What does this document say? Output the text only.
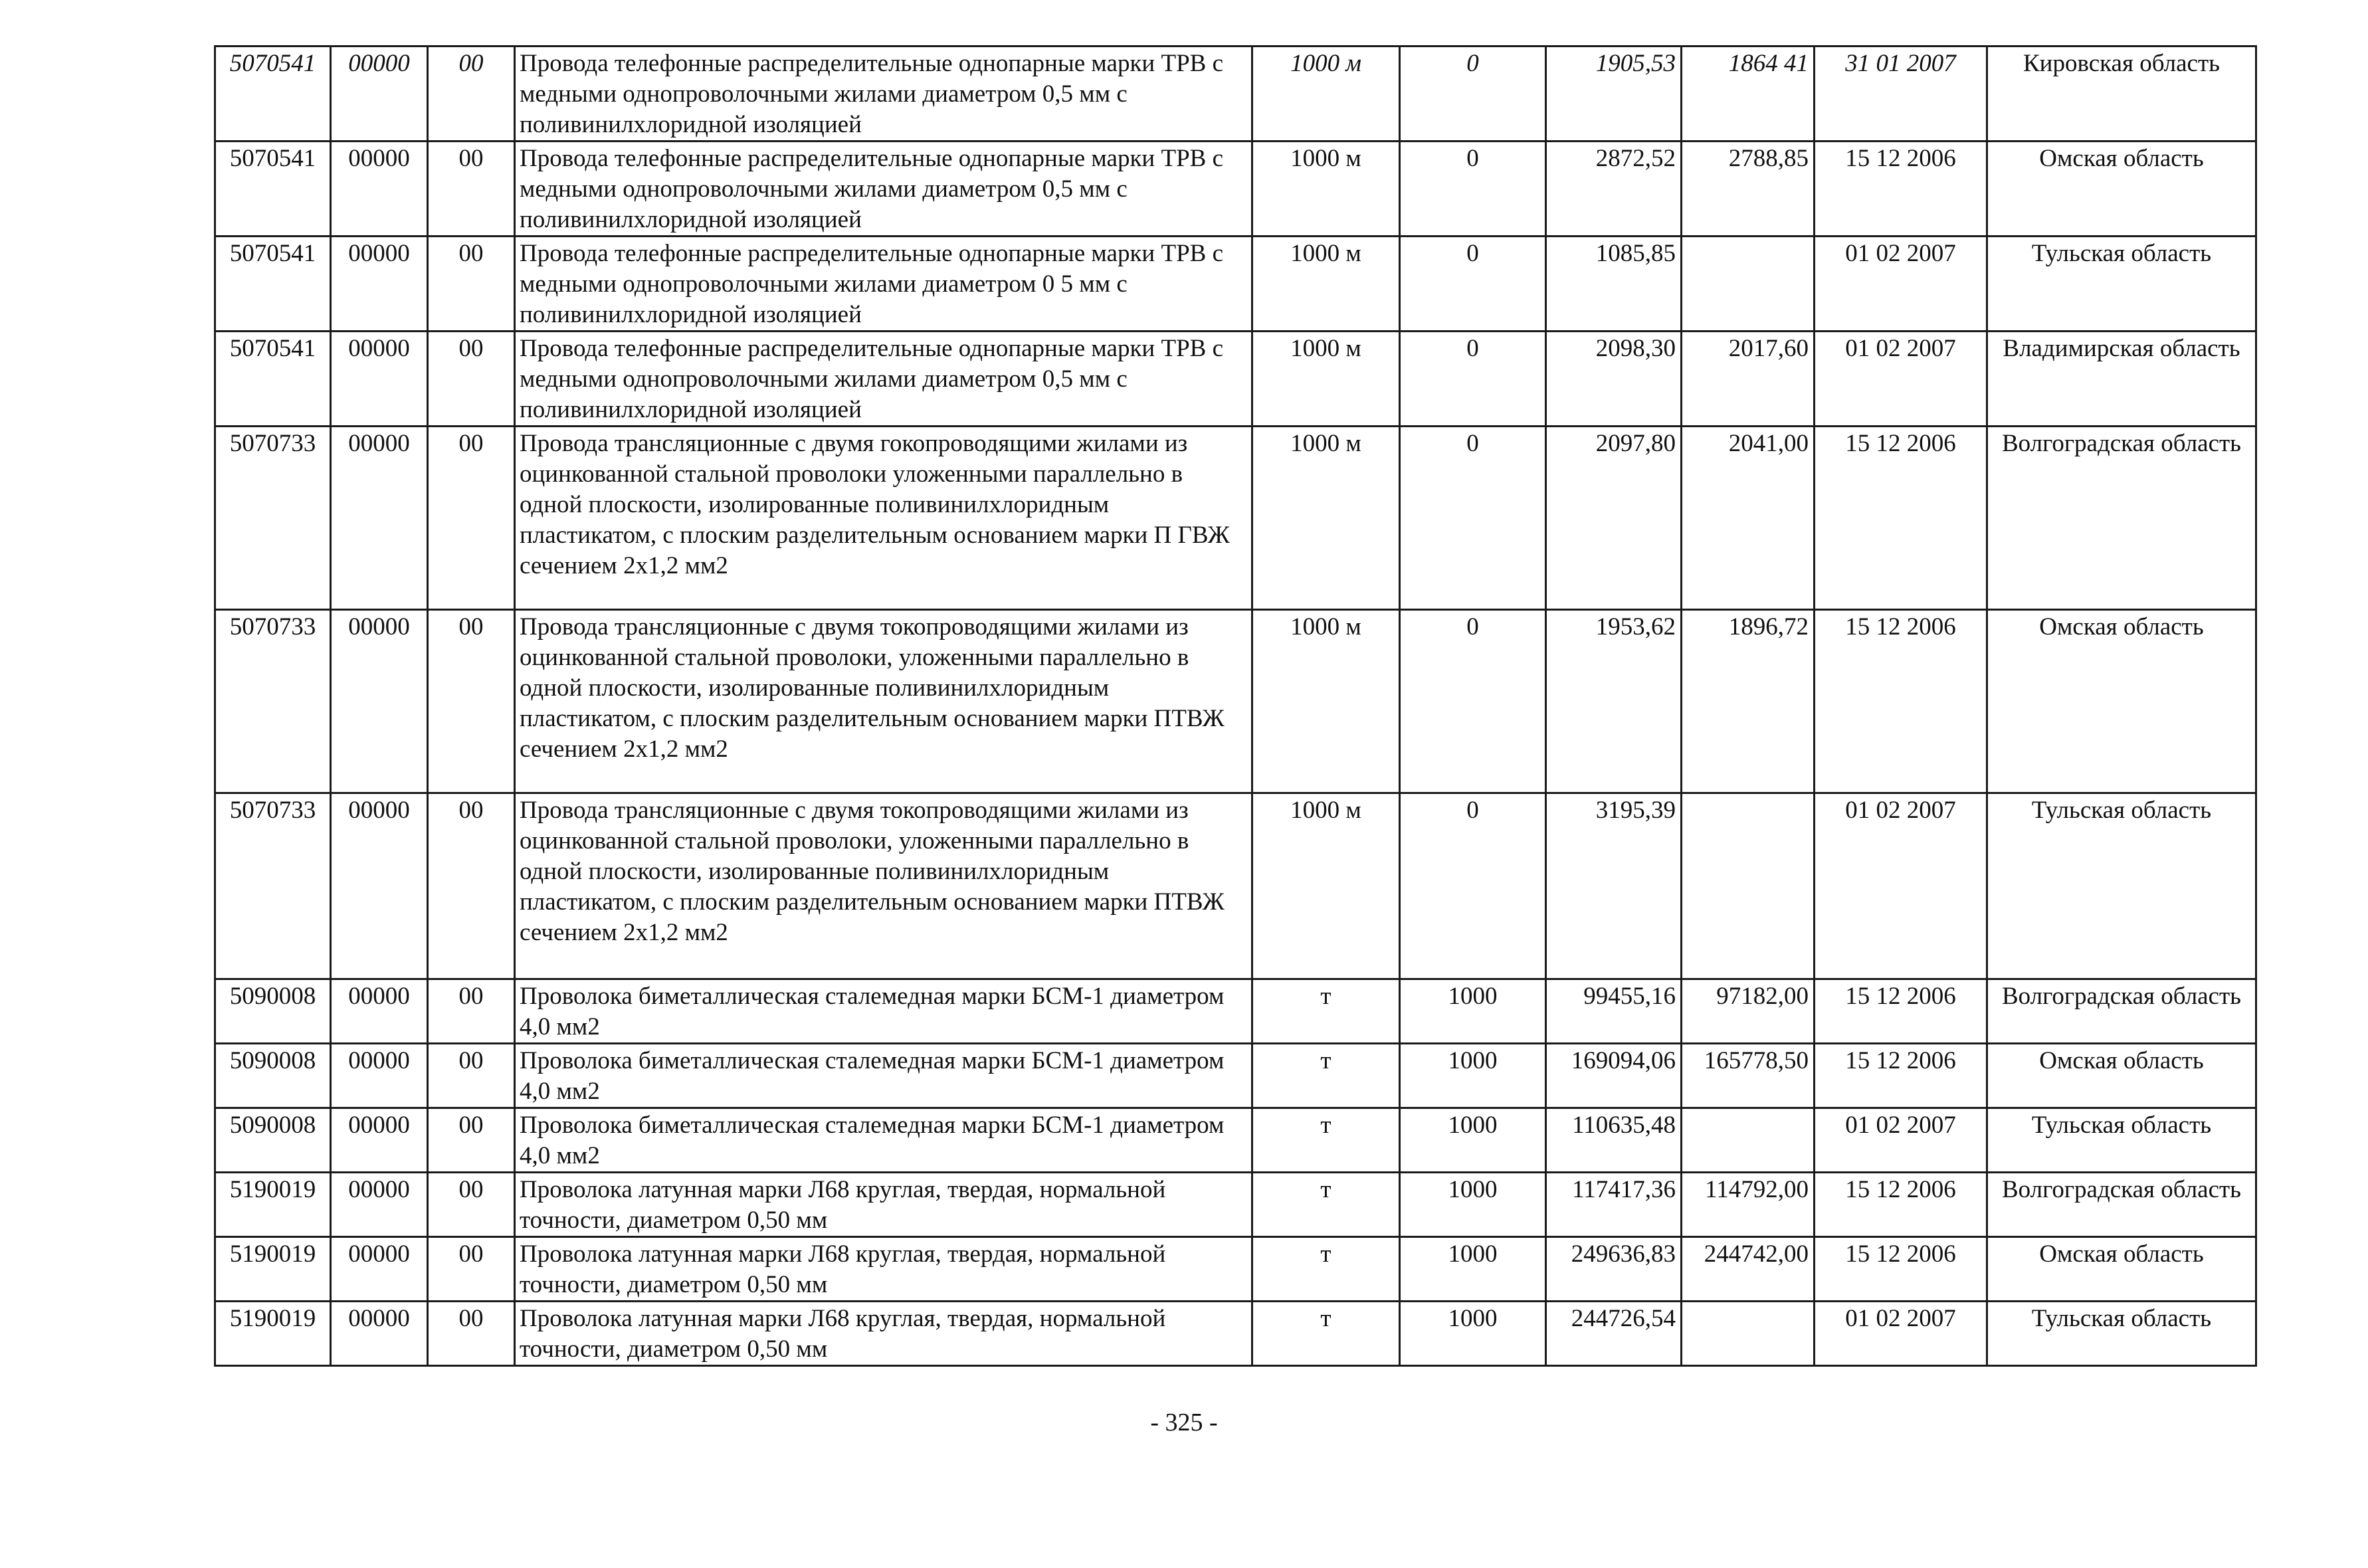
5070541	00000	00	Провода телефонные распределительные однопарные марки ТРВ с медными однопроволочными жилами диаметром 0,5 мм с поливинилхлоридной изоляцией	1000 м	0	1905,53	1864 41	31 01 2007	Кировская область
5070541	00000	00	Провода телефонные распределительные однопарные марки ТРВ с медными однопроволочными жилами диаметром 0,5 мм с поливинилхлоридной изоляцией	1000 м	0	2872,52	2788,85	15 12 2006	Омская область
5070541	00000	00	Провода телефонные распределительные однопарные марки ТРВ с медными однопроволочными жилами диаметром 0 5 мм с поливинилхлоридной изоляцией	1000 м	0	1085,85		01 02 2007	Тульская область
5070541	00000	00	Провода телефонные распределительные однопарные марки ТРВ с медными однопроволочными жилами диаметром 0,5 мм с поливинилхлоридной изоляцией	1000 м	0	2098,30	2017,60	01 02 2007	Владимирская область
5070733	00000	00	Провода трансляционные с двумя гокопроводящими жилами из оцинкованной стальной проволоки уложенными параллельно в одной плоскости, изолированные поливинилхлоридным пластикатом, с плоским разделительным основанием марки П ГВЖ сечением 2х1,2 мм2	1000 м	0	2097,80	2041,00	15 12 2006	Волгоградская область
5070733	00000	00	Провода трансляционные с двумя токопроводящими жилами из оцинкованной стальной проволоки, уложенными параллельно в одной плоскости, изолированные поливинилхлоридным пластикатом, с плоским разделительным основанием марки ПТВЖ сечением 2х1,2 мм2	1000 м	0	1953,62	1896,72	15 12 2006	Омская область
5070733	00000	00	Провода трансляционные с двумя токопроводящими жилами из оцинкованной стальной проволоки, уложенными параллельно в одной плоскости, изолированные поливинилхлоридным пластикатом, с плоским разделительным основанием марки ПТВЖ сечением 2х1,2 мм2	1000 м	0	3195,39		01 02 2007	Тульская область
5090008	00000	00	Проволока биметаллическая сталемедная марки БСМ-1 диаметром 4,0 мм2	т	1000	99455,16	97182,00	15 12 2006	Волгоградская область
5090008	00000	00	Проволока биметаллическая сталемедная марки БСМ-1 диаметром 4,0 мм2	т	1000	169094,06	165778,50	15 12 2006	Омская область
5090008	00000	00	Проволока биметаллическая сталемедная марки БСМ-1 диаметром 4,0 мм2	т	1000	110635,48		01 02 2007	Тульская область
5190019	00000	00	Проволока латунная марки Л68 круглая, твердая, нормальной точности, диаметром 0,50 мм	т	1000	117417,36	114792,00	15 12 2006	Волгоградская область
5190019	00000	00	Проволока латунная марки Л68 круглая, твердая, нормальной точности, диаметром 0,50 мм	т	1000	249636,83	244742,00	15 12 2006	Омская область
5190019	00000	00	Проволока латунная марки Л68 круглая, твердая, нормальной точности, диаметром 0,50 мм	т	1000	244726,54		01 02 2007	Тульская область
- 325 -
